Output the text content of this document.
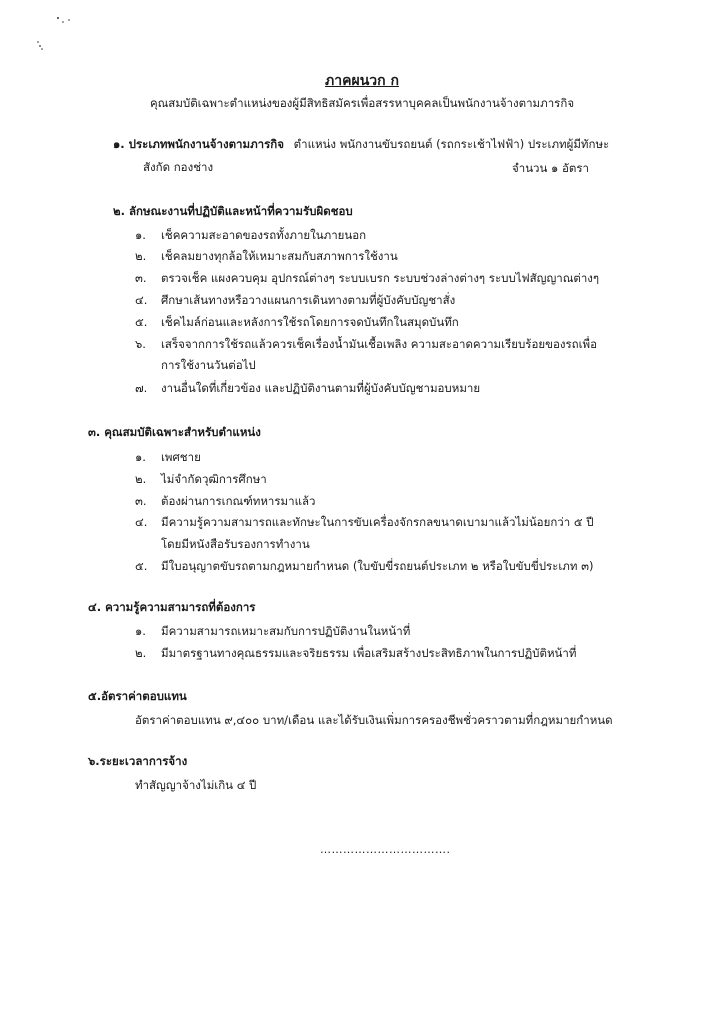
ภาคผนวก ก
คุณสมบัติเฉพาะตำแหน่งของผู้มีสิทธิสมัครเพื่อสรรหาบุคคลเป็นพนักงานจ้างตามภารกิจ
๑. ประเภทพนักงานจ้างตามภารกิจ ตำแหน่ง พนักงานขับรถยนต์ (รถกระเช้าไฟฟ้า) ประเภทผู้มีทักษะ
สังกัด กองช่าง	จำนวน ๑ อัตรา
๒. ลักษณะงานที่ปฏิบัติและหน้าที่ความรับผิดชอบ
๑. เช็คความสะอาดของรถทั้งภายในภายนอก
๒. เช็คลมยางทุกล้อให้เหมาะสมกับสภาพการใช้งาน
๓. ตรวจเช็ค แผงควบคุม อุปกรณ์ต่างๆ ระบบเบรก ระบบช่วงล่างต่างๆ ระบบไฟสัญญาณต่างๆ
๔. ศึกษาเส้นทางหรือวางแผนการเดินทางตามที่ผู้บังคับบัญชาสั่ง
๕. เช็คไมล์ก่อนและหลังการใช้รถโดยการจดบันทึกในสมุดบันทึก
๖. เสร็จจากการใช้รถแล้วควรเช็คเรื่องน้ำมันเชื้อเพลิง ความสะอาดความเรียบร้อยของรถเพื่อ
การใช้งานวันต่อไป
๗. งานอื่นใดที่เกี่ยวข้อง และปฏิบัติงานตามที่ผู้บังคับบัญชามอบหมาย
๓. คุณสมบัติเฉพาะสำหรับตำแหน่ง
๑. เพศชาย
๒. ไม่จำกัดวุฒิการศึกษา
๓. ต้องผ่านการเกณฑ์ทหารมาแล้ว
๔. มีความรู้ความสามารถและทักษะในการขับเครื่องจักรกลขนาดเบามาแล้วไม่น้อยกว่า ๕ ปี
โดยมีหนังสือรับรองการทำงาน
๕. มีใบอนุญาตขับรถตามกฎหมายกำหนด (ใบขับขี่รถยนต์ประเภท ๒ หรือใบขับขี่ประเภท ๓)
๔. ความรู้ความสามารถที่ต้องการ
๑. มีความสามารถเหมาะสมกับการปฏิบัติงานในหน้าที่
๒. มีมาตรฐานทางคุณธรรมและจริยธรรม เพื่อเสริมสร้างประสิทธิภาพในการปฏิบัติหน้าที่
๕.อัตราค่าตอบแทน
อัตราค่าตอบแทน ๙,๔๐๐ บาท/เดือน และได้รับเงินเพิ่มการครองชีพชั่วคราวตามที่กฎหมายกำหนด
๖.ระยะเวลาการจ้าง
ทำสัญญาจ้างไม่เกิน ๔ ปี
…………………………….
